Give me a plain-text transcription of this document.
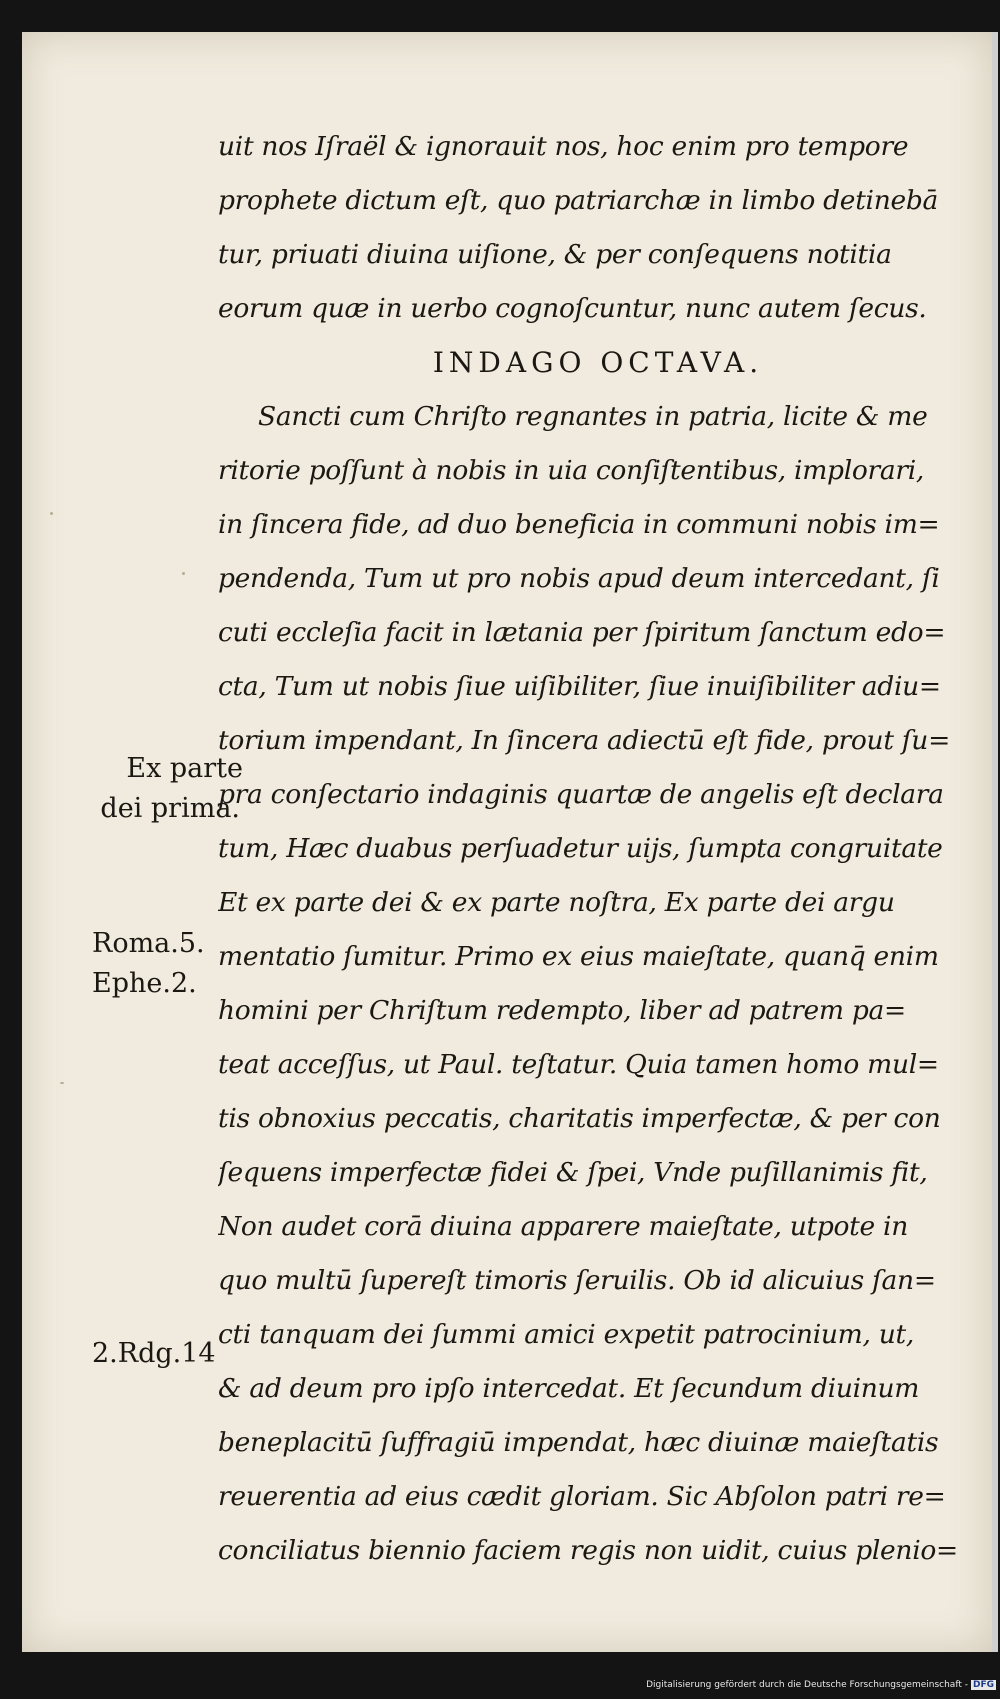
uit nos Iſraël & ignorauit nos, hoc enim pro tempore
prophete dictum eſt, quo patriarchæ in limbo detinebā
tur, priuati diuina uiſione, & per conſequens notitia
eorum quæ in uerbo cognoſcuntur, nunc autem ſecus.
INDAGO OCTAVA.
Sancti cum Chriſto regnantes in patria, licite & me
ritorie poſſunt à nobis in uia conſiſtentibus, implorari,
in ſincera fide, ad duo beneficia in communi nobis im=
pendenda, Tum ut pro nobis apud deum intercedant, ſi
cuti eccleſia facit in lætania per ſpiritum ſanctum edo=
cta, Tum ut nobis ſiue uiſibiliter, ſiue inuiſibiliter adiu=
torium impendant, In ſincera adiectū eſt fide, prout ſu=
pra conſectario indaginis quartæ de angelis eſt declara
tum, Hæc duabus perſuadetur uijs, ſumpta congruitate
Et ex parte dei & ex parte noſtra, Ex parte dei argu
mentatio ſumitur. Primo ex eius maieſtate, quanq̄ enim
homini per Chriſtum redempto, liber ad patrem pa=
teat acceſſus, ut Paul. teſtatur. Quia tamen homo mul=
tis obnoxius peccatis, charitatis imperfectæ, & per con
ſequens imperfectæ fidei & ſpei, Vnde puſillanimis fit,
Non audet corā diuina apparere maieſtate, utpote in
quo multū ſupereſt timoris ſeruilis. Ob id alicuius ſan=
cti tanquam dei ſummi amici expetit patrocinium, ut,
& ad deum pro ipſo intercedat. Et ſecundum diuinum
beneplacitū ſuffragiū impendat, hæc diuinæ maieſtatis
reuerentia ad eius cædit gloriam. Sic Abſolon patri re=
conciliatus biennio faciem regis non uidit, cuius plenio=
Ex parte
dei prima.
Roma.5.
Ephe.2.
2.Rdg.14
Digitalisierung gefördert durch die Deutsche Forschungsgemeinschaft - DFG
